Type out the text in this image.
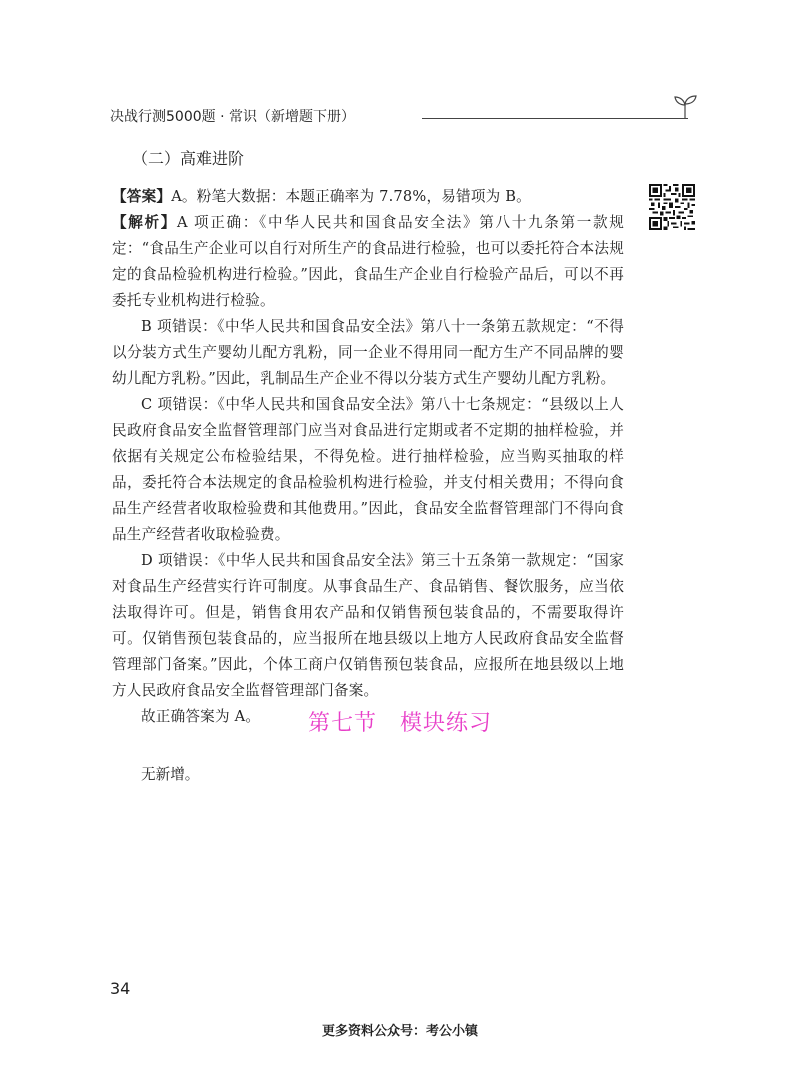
决战行测5000题 · 常识（新增题下册）
（二）高难进阶

【答案】A。粉笔大数据：本题正确率为 7.78%，易错项为 B。

【解析】A 项正确：《中华人民共和国食品安全法》第八十九条第一款规定：“食品生产企业可以自行对所生产的食品进行检验，也可以委托符合本法规定的食品检验机构进行检验。”因此，食品生产企业自行检验产品后，可以不再委托专业机构进行检验。

B 项错误：《中华人民共和国食品安全法》第八十一条第五款规定：“不得以分装方式生产婴幼儿配方乳粉，同一企业不得用同一配方生产不同品牌的婴幼儿配方乳粉。”因此，乳制品生产企业不得以分装方式生产婴幼儿配方乳粉。

C 项错误：《中华人民共和国食品安全法》第八十七条规定：“县级以上人民政府食品安全监督管理部门应当对食品进行定期或者不定期的抽样检验，并依据有关规定公布检验结果，不得免检。进行抽样检验，应当购买抽取的样品，委托符合本法规定的食品检验机构进行检验，并支付相关费用；不得向食品生产经营者收取检验费和其他费用。”因此，食品安全监督管理部门不得向食品生产经营者收取检验费。

D 项错误：《中华人民共和国食品安全法》第三十五条第一款规定：“国家对食品生产经营实行许可制度。从事食品生产、食品销售、餐饮服务，应当依法取得许可。但是，销售食用农产品和仅销售预包装食品的，不需要取得许可。仅销售预包装食品的，应当报所在地县级以上地方人民政府食品安全监督管理部门备案。”因此，个体工商户仅销售预包装食品，应报所在地县级以上地方人民政府食品安全监督管理部门备案。

故正确答案为 A。	第七节　模块练习
无新增。
34
更多资料公众号：考公小镇
